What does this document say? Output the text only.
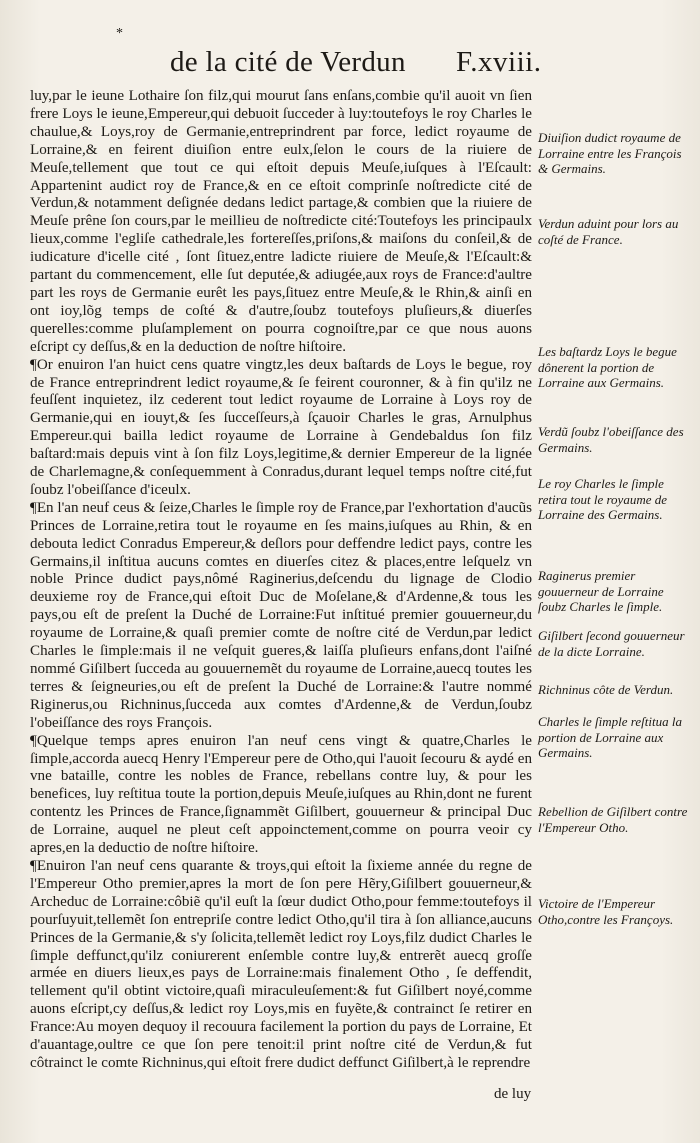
*
de la cité de Verdun F.xviii.

luy,par le ieune Lothaire ſon filz,qui mourut ſans enſans,combie qu'il auoit vn ſien frere Loys le ieune,Empereur,qui debuoit ſucceder à luy:toutefoys le roy Charles le chaulue,& Loys,roy de Germanie,entreprindrent par force, ledict royaume de Lorraine,& en feirent diuiſion entre eulx,ſelon le cours de la riuiere de Meuſe,tellement que tout ce qui eſtoit depuis Meuſe,iuſques à l'Eſcault: Appartenint audict roy de France,& en ce eſtoit comprinſe noſtredicte cité de Verdun,& notamment deſignée dedans ledict partage,& combien que la riuiere de Meuſe prêne ſon cours,par le meillieu de noſtredicte cité:Toutefoys les principaulx lieux,comme l'egliſe cathedrale,les fortereſſes,priſons,& maiſons du conſeil,& de iudicature d'icelle cité , ſont ſituez,entre ladicte riuiere de Meuſe,& l'Eſcault:& partant du commencement, elle ſut deputée,& adiugée,aux roys de France:d'aultre part les roys de Germanie eurêt les pays,ſituez entre Meuſe,& le Rhin,& ainſi en ont ioy,lõg temps de coſté & d'autre,ſoubz toutefoys pluſieurs,& diuerſes querelles:comme pluſamplement on pourra cognoiſtre,par ce que nous auons eſcript cy deſſus,& en la deduction de noſtre hiſtoire.

¶Or enuiron l'an huict cens quatre vingtz,les deux baſtards de Loys le begue, roy de France entreprindrent ledict royaume,& ſe feirent couronner, & à fin qu'ilz ne feuſſent inquietez, ilz cederent tout ledict royaume de Lorraine à Loys roy de Germanie,qui en iouyt,& ſes ſucceſſeurs,à ſçauoir Charles le gras, Arnulphus Empereur.qui bailla ledict royaume de Lorraine à Gendebaldus ſon filz baſtard:mais depuis vint à ſon filz Loys,legitime,& dernier Empereur de la lignée de Charlemagne,& conſequemment à Conradus,durant lequel temps noſtre cité,fut ſoubz l'obeiſſance d'iceulx.

¶En l'an neuf ceus & ſeize,Charles le ſimple roy de France,par l'exhortation d'aucũs Princes de Lorraine,retira tout le royaume en ſes mains,iuſques au Rhin, & en debouta ledict Conradus Empereur,& deſlors pour deffendre ledict pays, contre les Germains,il inſtitua aucuns comtes en diuerſes citez & places,entre leſquelz vn noble Prince dudict pays,nômé Raginerius,deſcendu du lignage de Clodio deuxieme roy de France,qui eſtoit Duc de Moſelane,& d'Ardenne,& tous les pays,ou eſt de preſent la Duché de Lorraine:Fut inſtitué premier gouuerneur,du royaume de Lorraine,& quaſi premier comte de noſtre cité de Verdun,par ledict Charles le ſimple:mais il ne veſquit gueres,& laiſſa pluſieurs enfans,dont l'aiſné nommé Giſilbert ſucceda au gouuernemẽt du royaume de Lorraine,auecq toutes les terres & ſeigneuries,ou eſt de preſent la Duché de Lorraine:& l'autre nommé Riginerus,ou Richninus,ſucceda aux comtes d'Ardenne,& de Verdun,ſoubz l'obeiſſance des roys François.

¶Quelque temps apres enuiron l'an neuf cens vingt & quatre,Charles le ſimple,accorda auecq Henry l'Empereur pere de Otho,qui l'auoit ſecouru & aydé en vne bataille, contre les nobles de France, rebellans contre luy, & pour les benefices, luy reſtitua toute la portion,depuis Meuſe,iuſques au Rhin,dont ne furent contentz les Princes de France,ſignammẽt Giſilbert, gouuerneur & principal Duc de Lorraine, auquel ne pleut ceſt appoinctement,comme on pourra veoir cy apres,en la deductio de noſtre hiſtoire.

¶Enuiron l'an neuf cens quarante & troys,qui eſtoit la ſixieme année du regne de l'Empereur Otho premier,apres la mort de ſon pere Hẽry,Giſilbert gouuerneur,& Archeduc de Lorraine:côbiẽ qu'il euſt la ſœur dudict Otho,pour femme:toutefoys il pourſuyuit,tellemẽt ſon entrepriſe contre ledict Otho,qu'il tira à ſon alliance,aucuns Princes de la Germanie,& s'y ſolicita,tellemẽt ledict roy Loys,filz dudict Charles le ſimple deffunct,qu'ilz coniurerent enſemble contre luy,& entrerẽt auecq groſſe armée en diuers lieux,es pays de Lorraine:mais finalement Otho , ſe deffendit, tellement qu'il obtint victoire,quaſi miraculeuſement:& fut Giſilbert noyé,comme auons eſcript,cy deſſus,& ledict roy Loys,mis en fuyẽte,& contrainct ſe retirer en France:Au moyen dequoy il recouura facilement la portion du pays de Lorraine, Et d'auantage,oultre ce que ſon pere tenoit:il print noſtre cité de Verdun,& fut côtrainct le comte Richninus,qui eſtoit frere dudict deffunct Giſilbert,à le reprendre

Diuiſion dudict royaume de Lorraine entre les François & Germains.
Verdun aduint pour lors au coſté de France.
Les baſtardz Loys le begue dônerent la portion de Lorraine aux Germains.
Verdũ ſoubz l'obeiſſance des Germains.
Le roy Charles le ſimple retira tout le royaume de Lorraine des Germains.
Raginerus premier gouuerneur de Lorraine ſoubz Charles le ſimple.
Giſilbert ſecond gouuerneur de la dicte Lorraine.
Richninus côte de Verdun.
Charles le ſimple reſtitua la portion de Lorraine aux Germains.
Rebellion de Giſilbert contre l'Empereur Otho.
Victoire de l'Empereur Otho,contre les Françoys.
de luy
